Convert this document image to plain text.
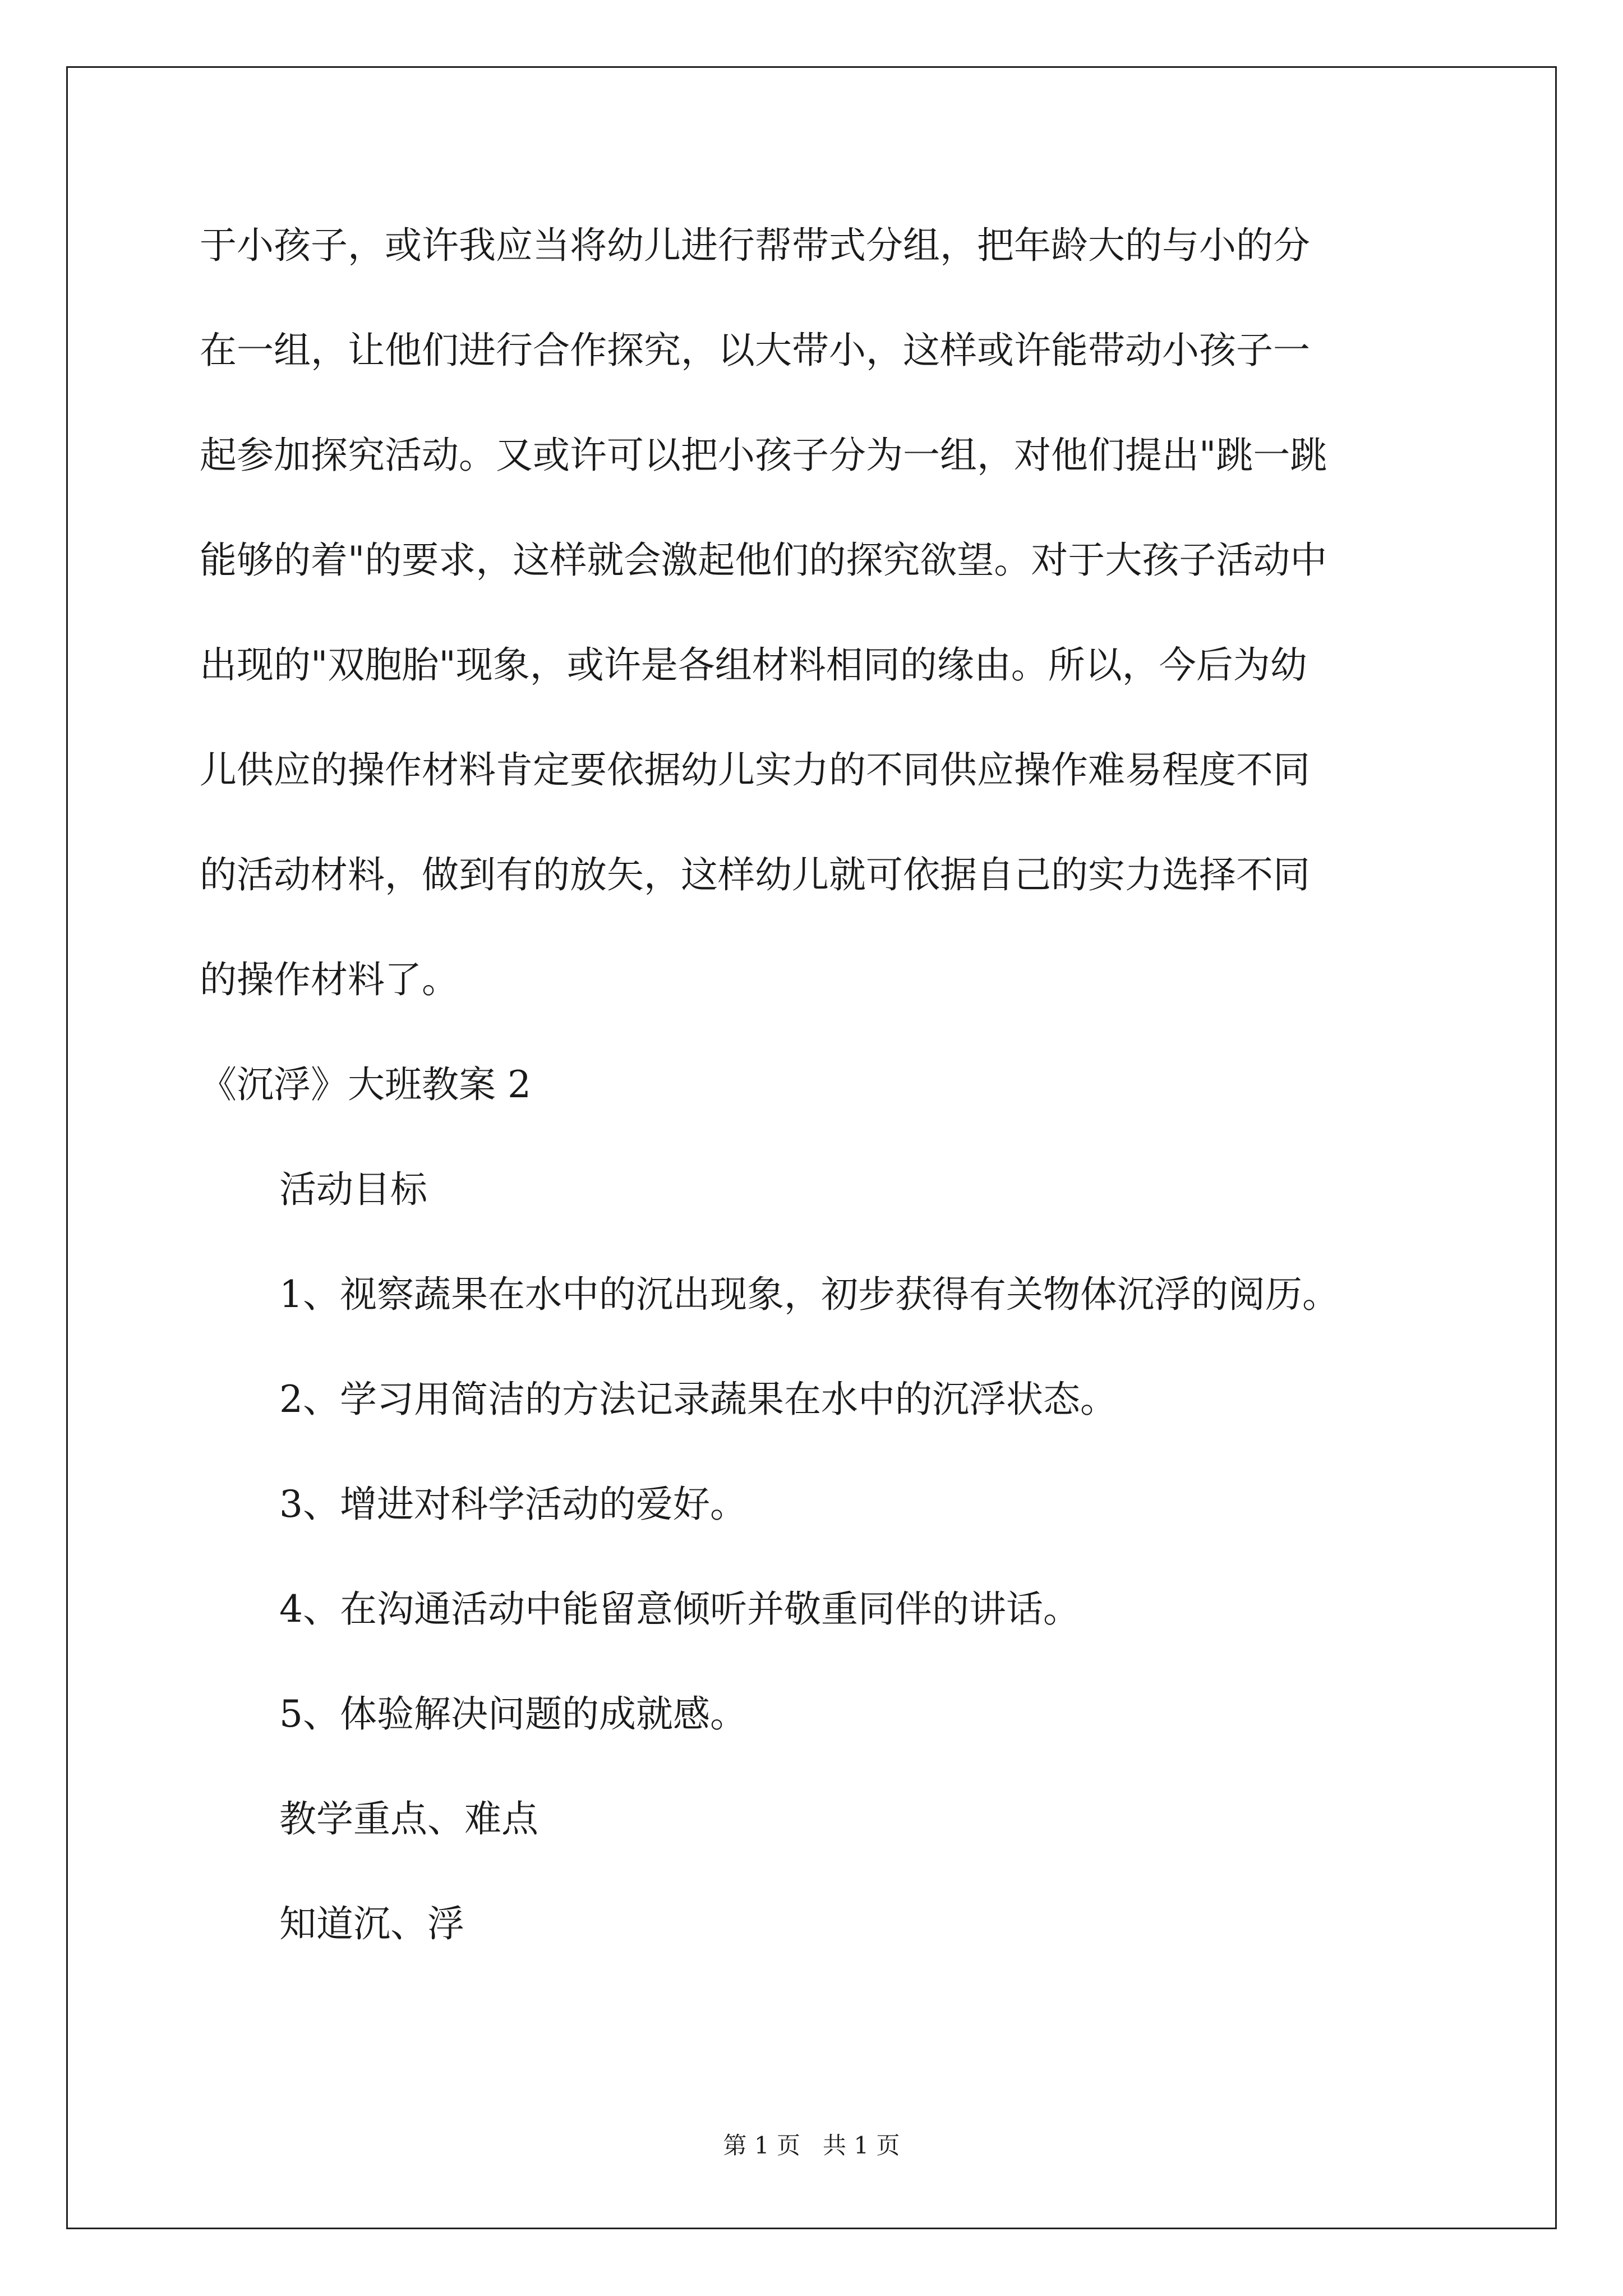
于小孩子，或许我应当将幼儿进行帮带式分组，把年龄大的与小的分
在一组，让他们进行合作探究，以大带小，这样或许能带动小孩子一
起参加探究活动。又或许可以把小孩子分为一组，对他们提出"跳一跳
能够的着"的要求，这样就会激起他们的探究欲望。对于大孩子活动中
出现的"双胞胎"现象，或许是各组材料相同的缘由。所以，今后为幼
儿供应的操作材料肯定要依据幼儿实力的不同供应操作难易程度不同
的活动材料，做到有的放矢，这样幼儿就可依据自己的实力选择不同
的操作材料了。
《沉浮》大班教案 2
活动目标
1、视察蔬果在水中的沉出现象，初步获得有关物体沉浮的阅历。
2、学习用简洁的方法记录蔬果在水中的沉浮状态。
3、增进对科学活动的爱好。
4、在沟通活动中能留意倾听并敬重同伴的讲话。
5、体验解决问题的成就感。
教学重点、难点
知道沉、浮
第 1 页 共 1 页
